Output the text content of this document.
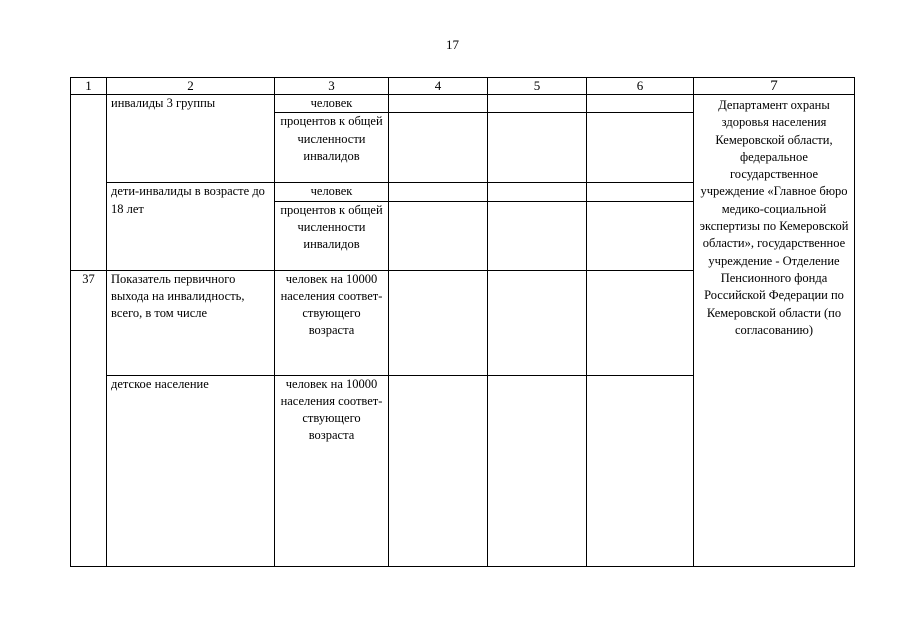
17
1	2	3	4	5	6	7
	инвалиды 3 группы	человек				Департамент охраны здоровья населения Кемеровской области, федеральное государственное учреждение «Главное бюро медико-социальной экспертизы по Кемеровской области», государственное учреждение - Отделение Пенсионного фонда Российской Федерации по Кемеровской области (по согласованию)
		процентов к общей численности инвалидов				
	дети-инвалиды в возрасте до 18 лет	человек				
		процентов к общей численности инвалидов				
37	Показатель первичного выхода на инвалидность, всего, в том числе	человек на 10000 населения соответ-ствующего возраста				
	детское население	человек на 10000 населения соответ-ствующего возраста				
